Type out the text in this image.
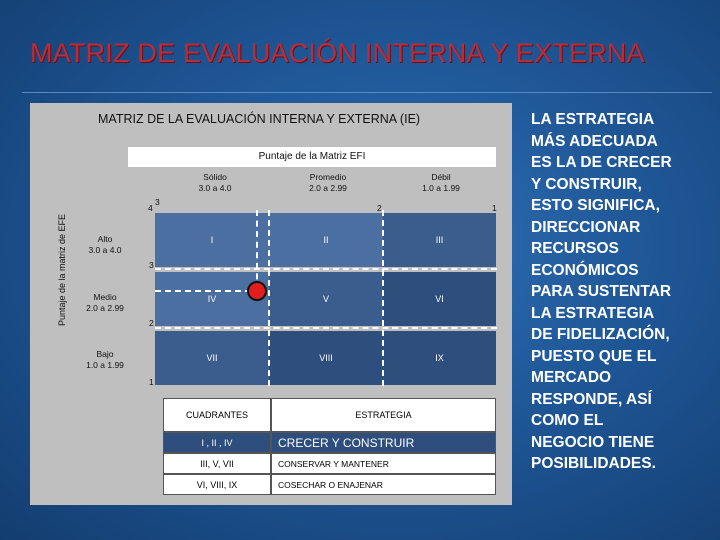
MATRIZ DE EVALUACIÓN INTERNA Y EXTERNA
MATRIZ DE LA EVALUACIÓN INTERNA Y EXTERNA (IE)
Puntaje de la Matriz EFI
Sólido
3.0 a 4.0
Promedio
2.0 a 2.99
Débil
1.0 a 1.99
4
3
2	1
Puntaje de la matriz de EFE	Alto
3.0 a 4.0
Medio
2.0 a 2.99
Bajo
1.0 a 1.99
3
2
1
I	II	III
IV	V	VI
VII	VIII	IX
CUADRANTES	ESTRATEGIA
I , II , IV	CRECER Y CONSTRUIR
III, V, VII	CONSERVAR Y MANTENER
VI, VIII, IX	COSECHAR O ENAJENAR
LA ESTRATEGIA
MÁS ADECUADA
ES LA DE CRECER
Y CONSTRUIR,
ESTO SIGNIFICA,
DIRECCIONAR
RECURSOS
ECONÓMICOS
PARA SUSTENTAR
LA ESTRATEGIA
DE FIDELIZACIÓN,
PUESTO QUE EL
MERCADO
RESPONDE, ASÍ
COMO EL
NEGOCIO TIENE
POSIBILIDADES.
